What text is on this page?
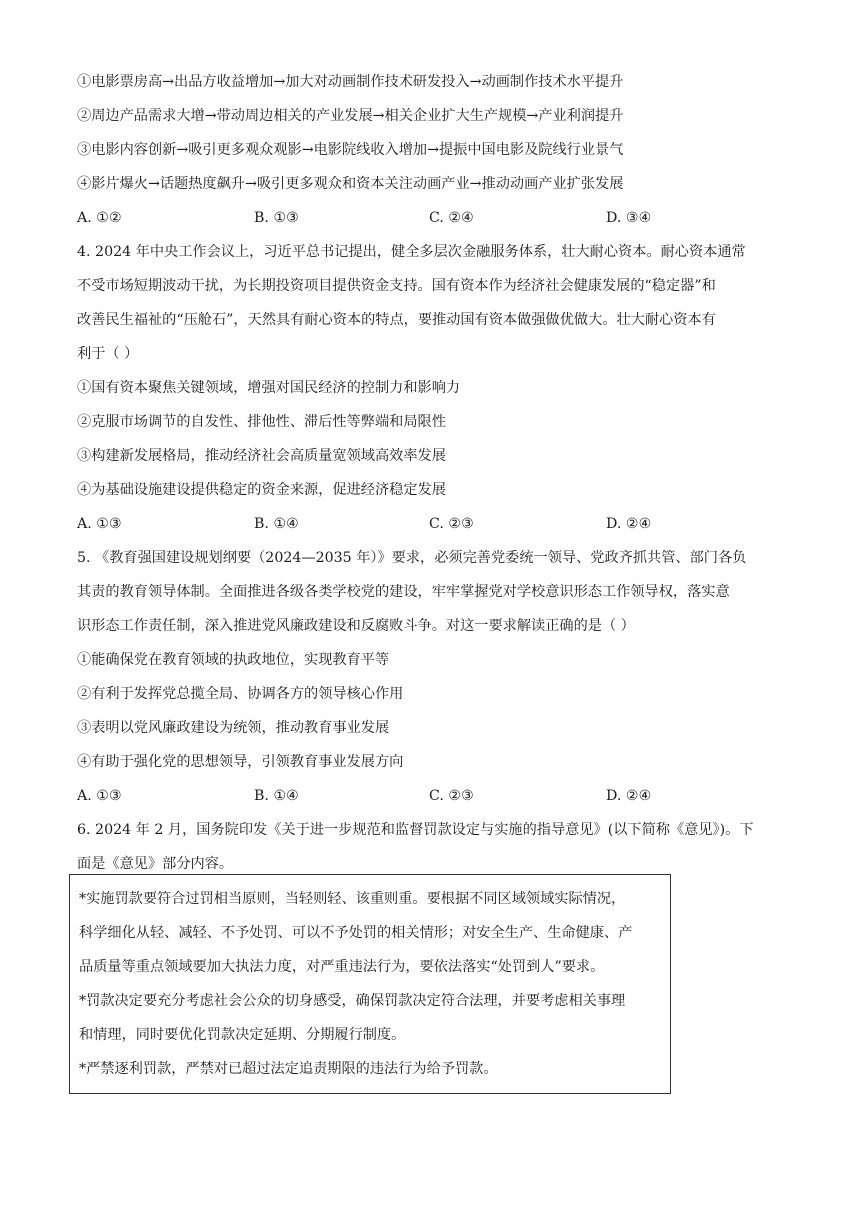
①电影票房高→出品方收益增加→加大对动画制作技术研发投入→动画制作技术水平提升
②周边产品需求大增→带动周边相关的产业发展→相关企业扩大生产规模→产业利润提升
③电影内容创新→吸引更多观众观影→电影院线收入增加→提振中国电影及院线行业景气
④影片爆火→话题热度飙升→吸引更多观众和资本关注动画产业→推动动画产业扩张发展
A. ①②	B. ①③	C. ②④	D. ③④
4. 2024 年中央工作会议上，习近平总书记提出，健全多层次金融服务体系，壮大耐心资本。耐心资本通常
不受市场短期波动干扰，为长期投资项目提供资金支持。国有资本作为经济社会健康发展的“稳定器”和
改善民生福祉的“压舱石”，天然具有耐心资本的特点，要推动国有资本做强做优做大。壮大耐心资本有
利于（ ）
①国有资本聚焦关键领域，增强对国民经济的控制力和影响力
②克服市场调节的自发性、排他性、滞后性等弊端和局限性
③构建新发展格局，推动经济社会高质量宽领域高效率发展
④为基础设施建设提供稳定的资金来源，促进经济稳定发展
A. ①③	B. ①④	C. ②③	D. ②④
5. 《教育强国建设规划纲要（2024—2035 年）》要求，必须完善党委统一领导、党政齐抓共管、部门各负
其责的教育领导体制。全面推进各级各类学校党的建设，牢牢掌握党对学校意识形态工作领导权，落实意
识形态工作责任制，深入推进党风廉政建设和反腐败斗争。对这一要求解读正确的是（ ）
①能确保党在教育领域的执政地位，实现教育平等
②有利于发挥党总揽全局、协调各方的领导核心作用
③表明以党风廉政建设为统领，推动教育事业发展
④有助于强化党的思想领导，引领教育事业发展方向
A. ①③	B. ①④	C. ②③	D. ②④
6. 2024 年 2 月，国务院印发《关于进一步规范和监督罚款设定与实施的指导意见》(以下简称《意见》)。下
面是《意见》部分内容。
*实施罚款要符合过罚相当原则，当轻则轻、该重则重。要根据不同区域领域实际情况，
科学细化从轻、减轻、不予处罚、可以不予处罚的相关情形；对安全生产、生命健康、产
品质量等重点领域要加大执法力度，对严重违法行为，要依法落实“处罚到人”要求。
*罚款决定要充分考虑社会公众的切身感受，确保罚款决定符合法理，并要考虑相关事理
和情理，同时要优化罚款决定延期、分期履行制度。
*严禁逐利罚款，严禁对已超过法定追责期限的违法行为给予罚款。
